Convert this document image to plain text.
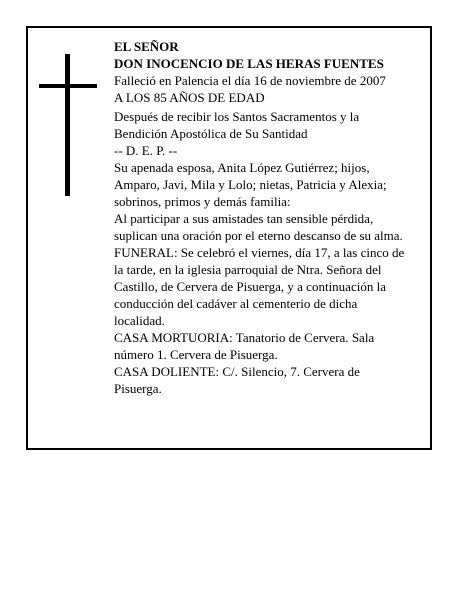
EL SEÑOR
DON INOCENCIO DE LAS HERAS FUENTES
Falleció en Palencia el día 16 de noviembre de 2007
A LOS 85 AÑOS DE EDAD
Después de recibir los Santos Sacramentos y la
Bendición Apostólica de Su Santidad
-- D. E. P. --
Su apenada esposa, Anita López Gutiérrez; hijos,
Amparo, Javi, Mila y Lolo; nietas, Patricia y Alexia;
sobrinos, primos y demás familia:
Al participar a sus amistades tan sensible pérdida,
suplican una oración por el eterno descanso de su alma.
FUNERAL: Se celebró el viernes, día 17, a las cinco de
la tarde, en la iglesia parroquial de Ntra. Señora del
Castillo, de Cervera de Pisuerga, y a continuación la
conducción del cadáver al cementerio de dicha
localidad.
CASA MORTUORIA: Tanatorio de Cervera. Sala
número 1. Cervera de Pisuerga.
CASA DOLIENTE: C/. Silencio, 7. Cervera de
Pisuerga.
